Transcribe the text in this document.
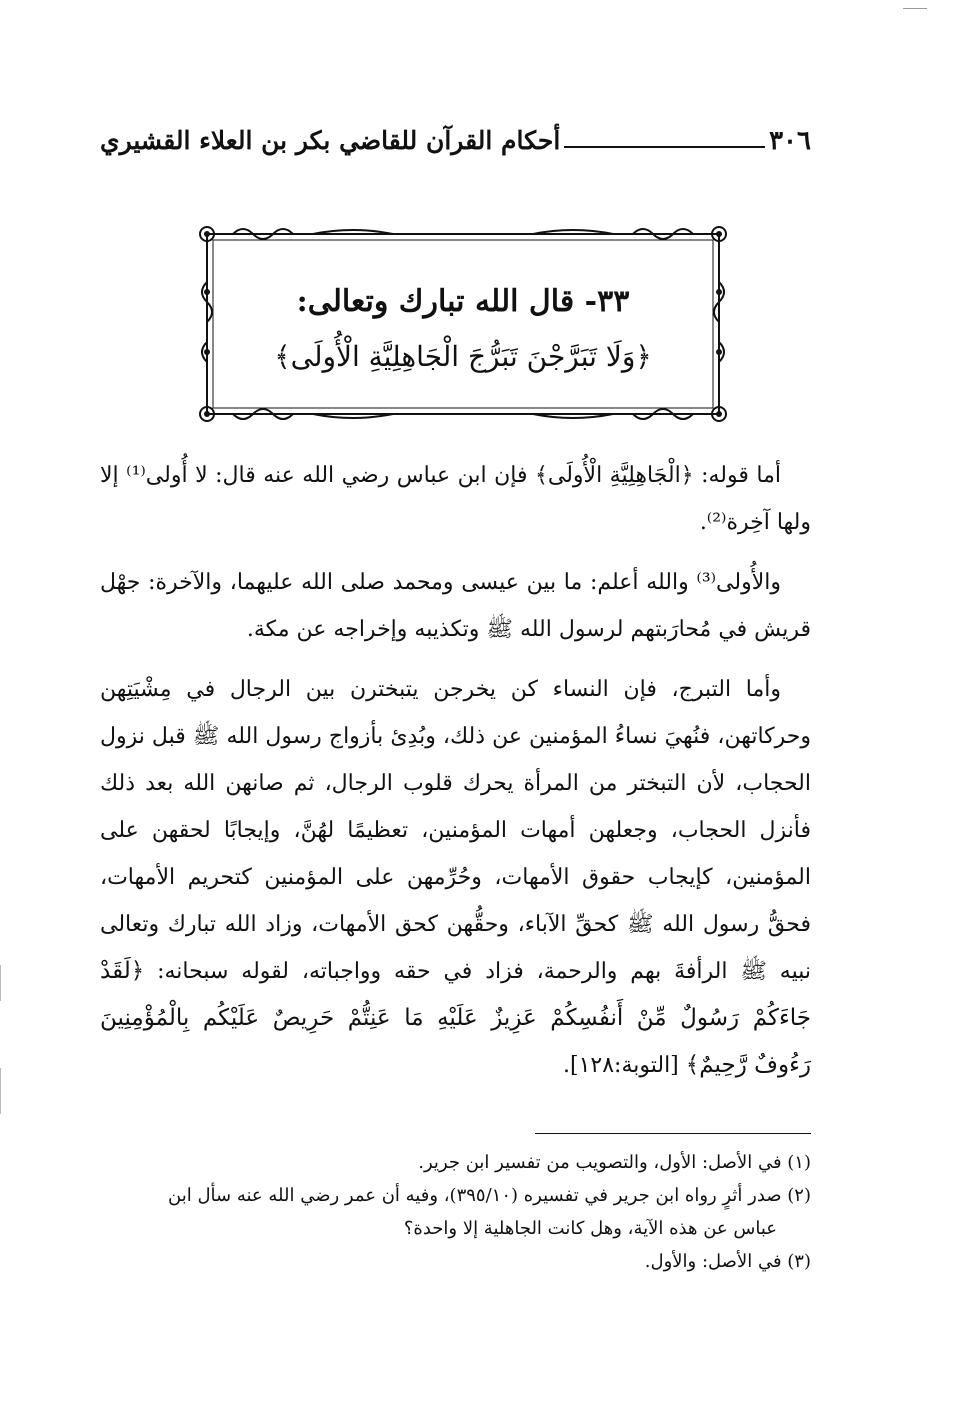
٣٠٦
أحكام القرآن للقاضي بكر بن العلاء القشيري
٣٣- قال الله تبارك وتعالى:
﴿وَلَا تَبَرَّجْنَ تَبَرُّجَ الْجَاهِلِيَّةِ الْأُولَى﴾

أما قوله: ﴿الْجَاهِلِيَّةِ الْأُولَى﴾ فإن ابن عباس رضي الله عنه قال: لا أُولى⁽¹⁾ إلا ولها آخِرة⁽²⁾.

والأُولى⁽³⁾ والله أعلم: ما بين عيسى ومحمد صلى الله عليهما، والآخرة: جهْل قريش في مُحارَبتهم لرسول الله ﷺ وتكذيبه وإخراجه عن مكة.

وأما التبرج، فإن النساء كن يخرجن يتبخترن بين الرجال في مِشْيَتِهن وحركاتهن، فنُهيَ نساءُ المؤمنين عن ذلك، وبُدِئ بأزواج رسول الله ﷺ قبل نزول الحجاب، لأن التبختر من المرأة يحرك قلوب الرجال، ثم صانهن الله بعد ذلك فأنزل الحجاب، وجعلهن أمهات المؤمنين، تعظيمًا لهُنَّ، وإيجابًا لحقهن على المؤمنين، كإيجاب حقوق الأمهات، وحُرِّمهن على المؤمنين كتحريم الأمهات، فحقُّ رسول الله ﷺ كحقِّ الآباء، وحقُّهن كحق الأمهات، وزاد الله تبارك وتعالى نبيه ﷺ الرأفةَ بهم والرحمة، فزاد في حقه وواجباته، لقوله سبحانه: ﴿لَقَدْ جَاءَكُمْ رَسُولٌ مِّنْ أَنفُسِكُمْ عَزِيزٌ عَلَيْهِ مَا عَنِتُّمْ حَرِيصٌ عَلَيْكُم بِالْمُؤْمِنِينَ رَءُوفٌ رَّحِيمٌ﴾ [التوبة:١٢٨].

(١) في الأصل: الأول، والتصويب من تفسير ابن جرير.

(٢) صدر أثرٍ رواه ابن جرير في تفسيره (٣٩٥/١٠)، وفيه أن عمر رضي الله عنه سأل ابن

عباس عن هذه الآية، وهل كانت الجاهلية إلا واحدة؟

(٣) في الأصل: والأول.
